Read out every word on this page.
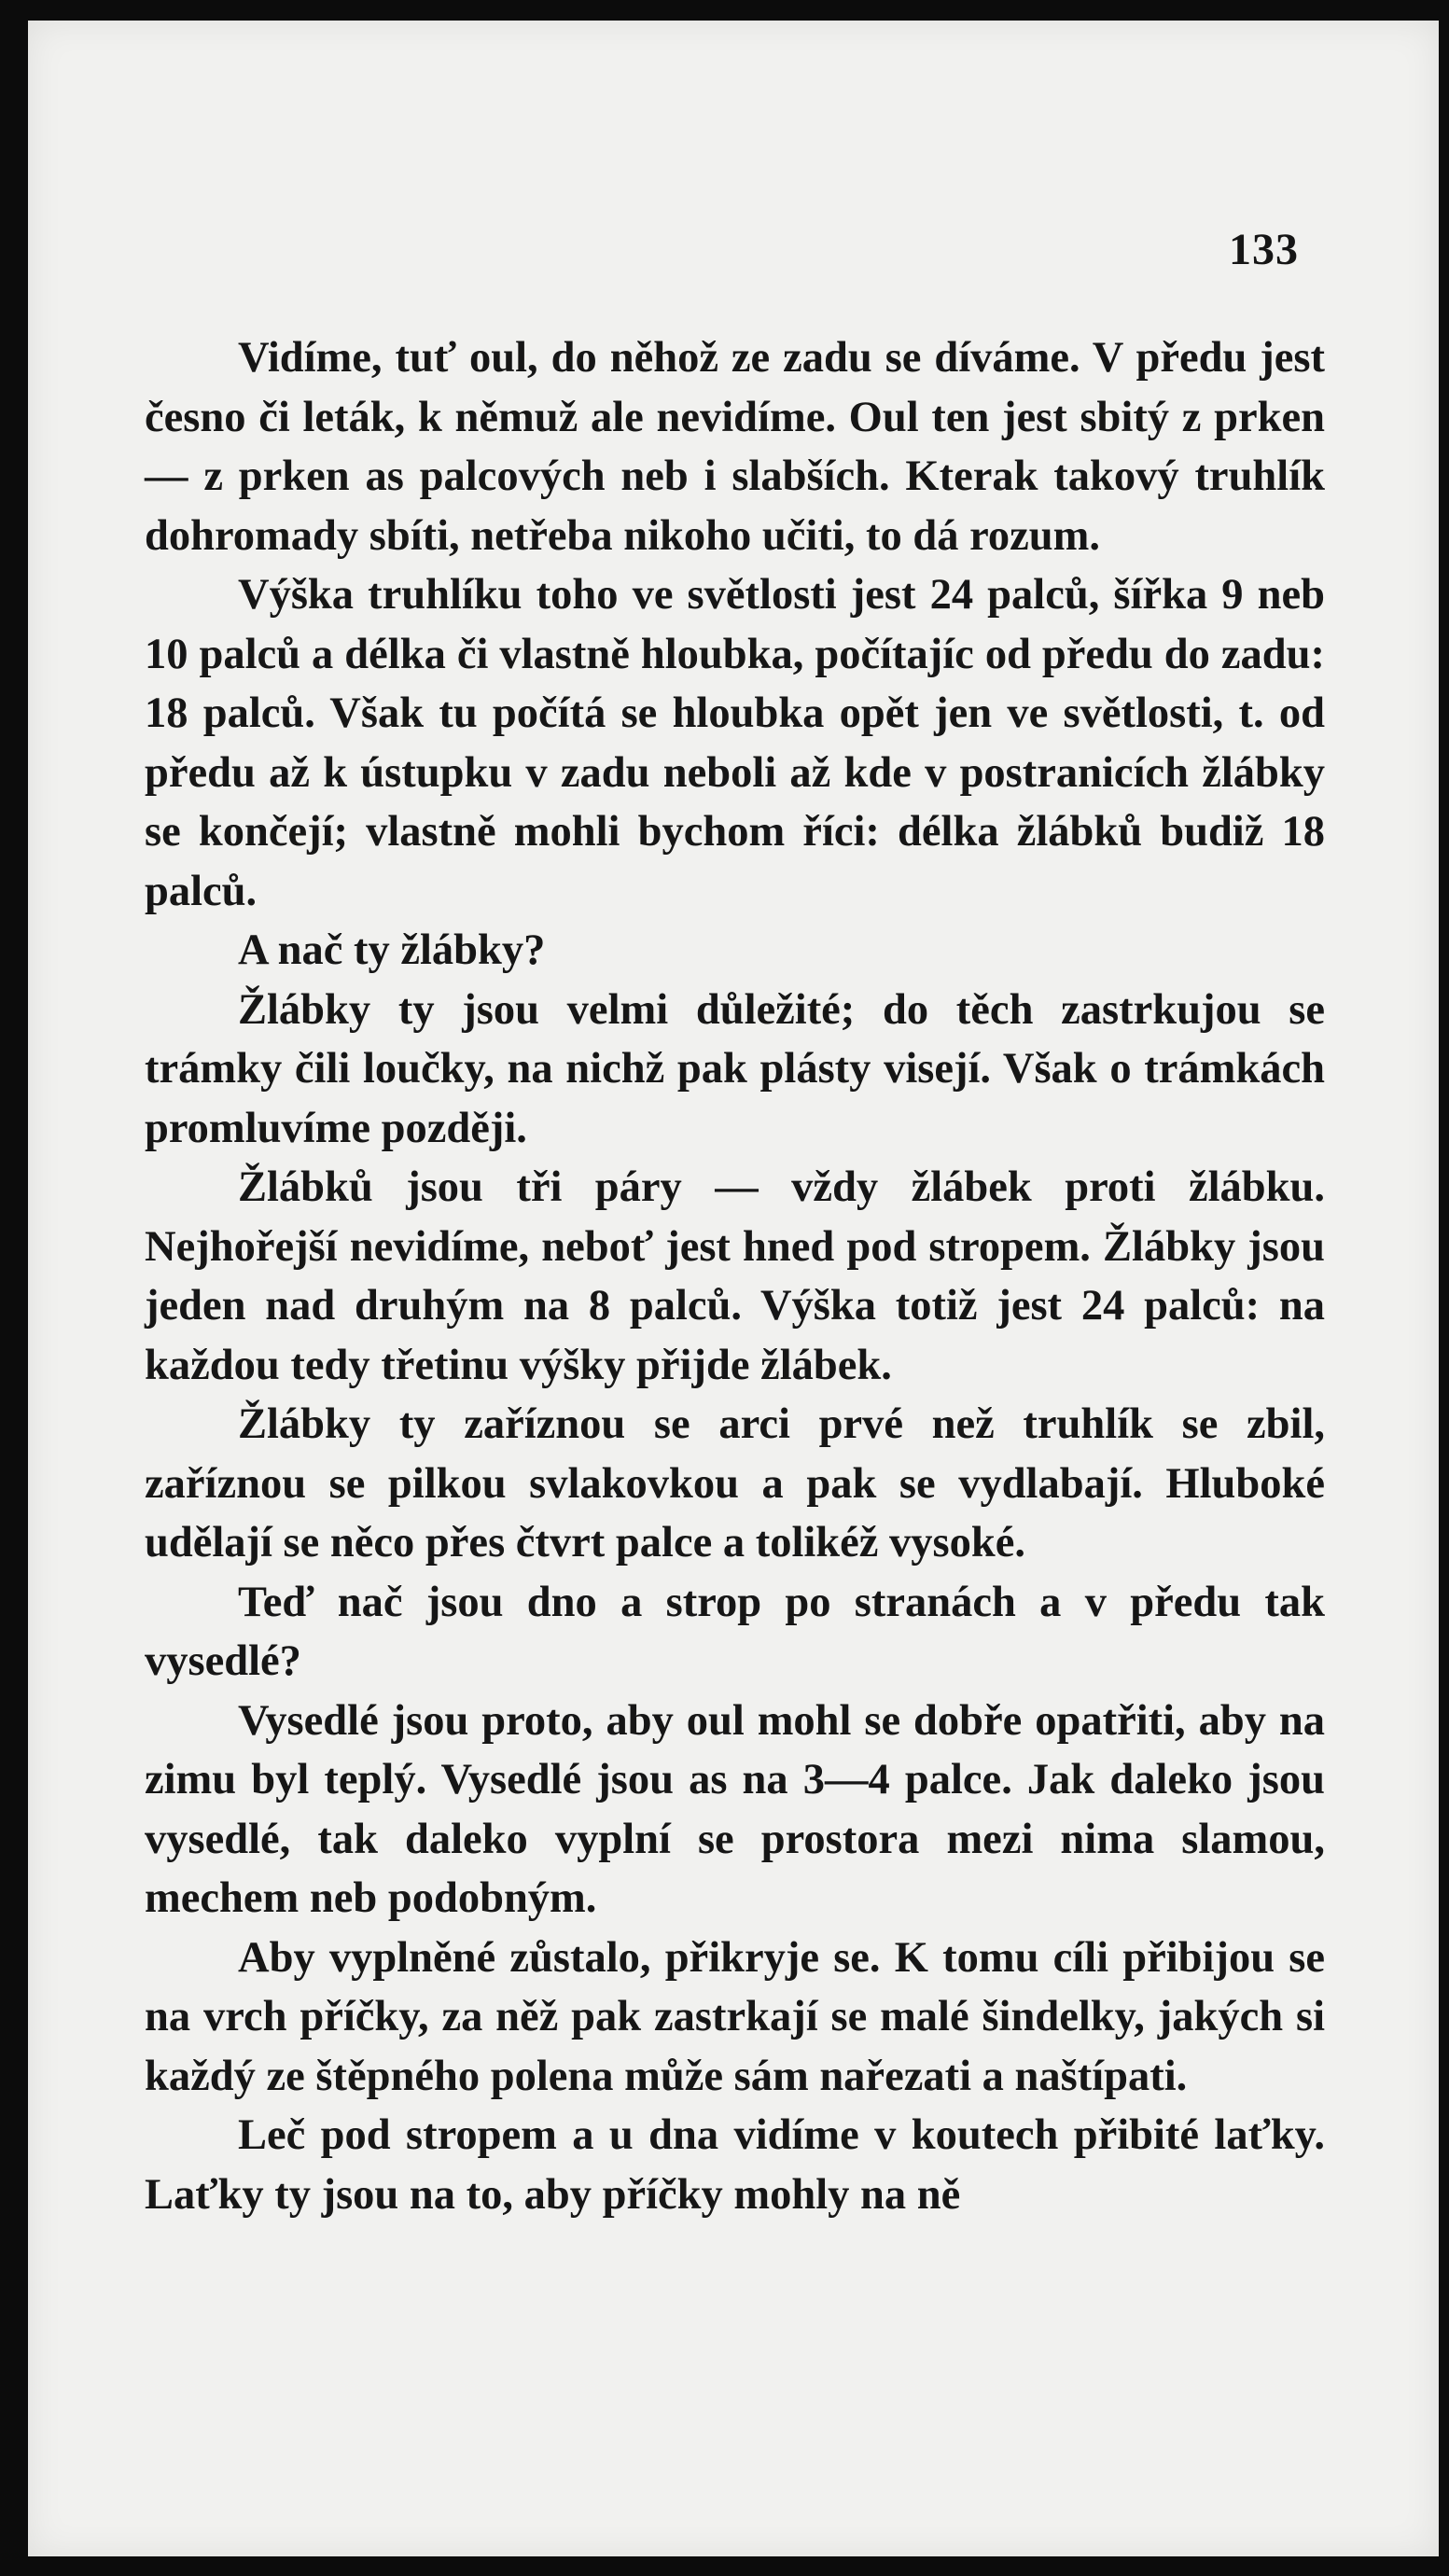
133

Vidíme, tuť oul, do něhož ze zadu se díváme. V předu jest česno či leták, k němuž ale nevidíme. Oul ten jest sbitý z prken — z prken as palcových neb i slabších. Kterak takový truhlík dohromady sbíti, netřeba nikoho učiti, to dá rozum.

Výška truhlíku toho ve světlosti jest 24 palců, šířka 9 neb 10 palců a délka či vlastně hloubka, počítajíc od předu do zadu: 18 palců. Však tu počítá se hloubka opět jen ve světlosti, t. od předu až k ústupku v zadu neboli až kde v postranicích žlábky se končejí; vlastně mohli bychom říci: délka žlábků budiž 18 palců.

A nač ty žlábky?

Žlábky ty jsou velmi důležité; do těch zastrkujou se trámky čili loučky, na nichž pak plásty visejí. Však o trámkách promluvíme později.

Žlábků jsou tři páry — vždy žlábek proti žlábku. Nejhořejší nevidíme, neboť jest hned pod stropem. Žlábky jsou jeden nad druhým na 8 palců. Výška totiž jest 24 palců: na každou tedy třetinu výšky přijde žlábek.

Žlábky ty zaříznou se arci prvé než truhlík se zbil, zaříznou se pilkou svlakovkou a pak se vydlabají. Hluboké udělají se něco přes čtvrt palce a tolikéž vysoké.

Teď nač jsou dno a strop po stranách a v předu tak vysedlé?

Vysedlé jsou proto, aby oul mohl se dobře opatřiti, aby na zimu byl teplý. Vysedlé jsou as na 3—4 palce. Jak daleko jsou vysedlé, tak daleko vyplní se prostora mezi nima slamou, mechem neb podobným.

Aby vyplněné zůstalo, přikryje se. K tomu cíli přibijou se na vrch příčky, za něž pak zastrkají se malé šindelky, jakých si každý ze štěpného polena může sám nařezati a naštípati.

Leč pod stropem a u dna vidíme v koutech přibité laťky. Laťky ty jsou na to, aby příčky mohly na ně
